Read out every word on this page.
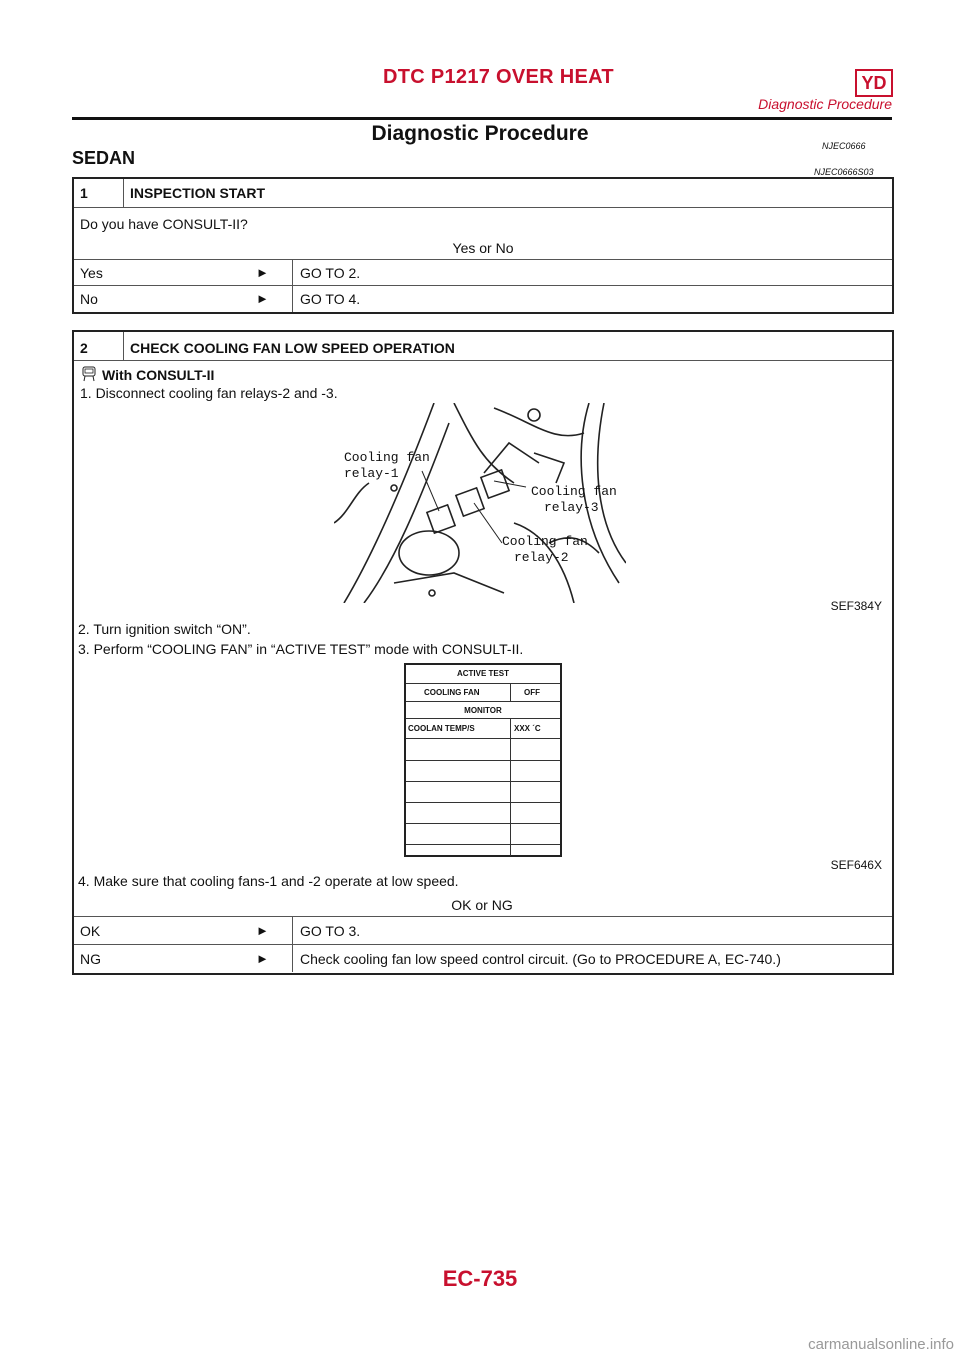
DTC P1217 OVER HEAT	YD
Diagnostic Procedure
Diagnostic Procedure
NJEC0666
SEDAN
NJEC0666S03
1	INSPECTION START
Do you have CONSULT-II?
Yes or No
Yes	► GO TO 2.
No	► GO TO 4.
2	CHECK COOLING FAN LOW SPEED OPERATION
With CONSULT-II
1. Disconnect cooling fan relays-2 and -3.
OK	► GO TO 3.
NG	► Check cooling fan low speed control circuit. (Go to PROCEDURE A, EC-740.)
Cooling fan
relay-1
Cooling fan
relay-3
Cooling fan
relay-2
SEF384Y
2. Turn ignition switch “ON”.
3. Perform “COOLING FAN” in “ACTIVE TEST” mode with CONSULT-II.
ACTIVE TEST
COOLING FAN	OFF
MONITOR
COOLAN TEMP/S	XXX ´C
SEF646X
4. Make sure that cooling fans-1 and -2 operate at low speed.
OK or NG
EC-735
carmanualsonline.info
